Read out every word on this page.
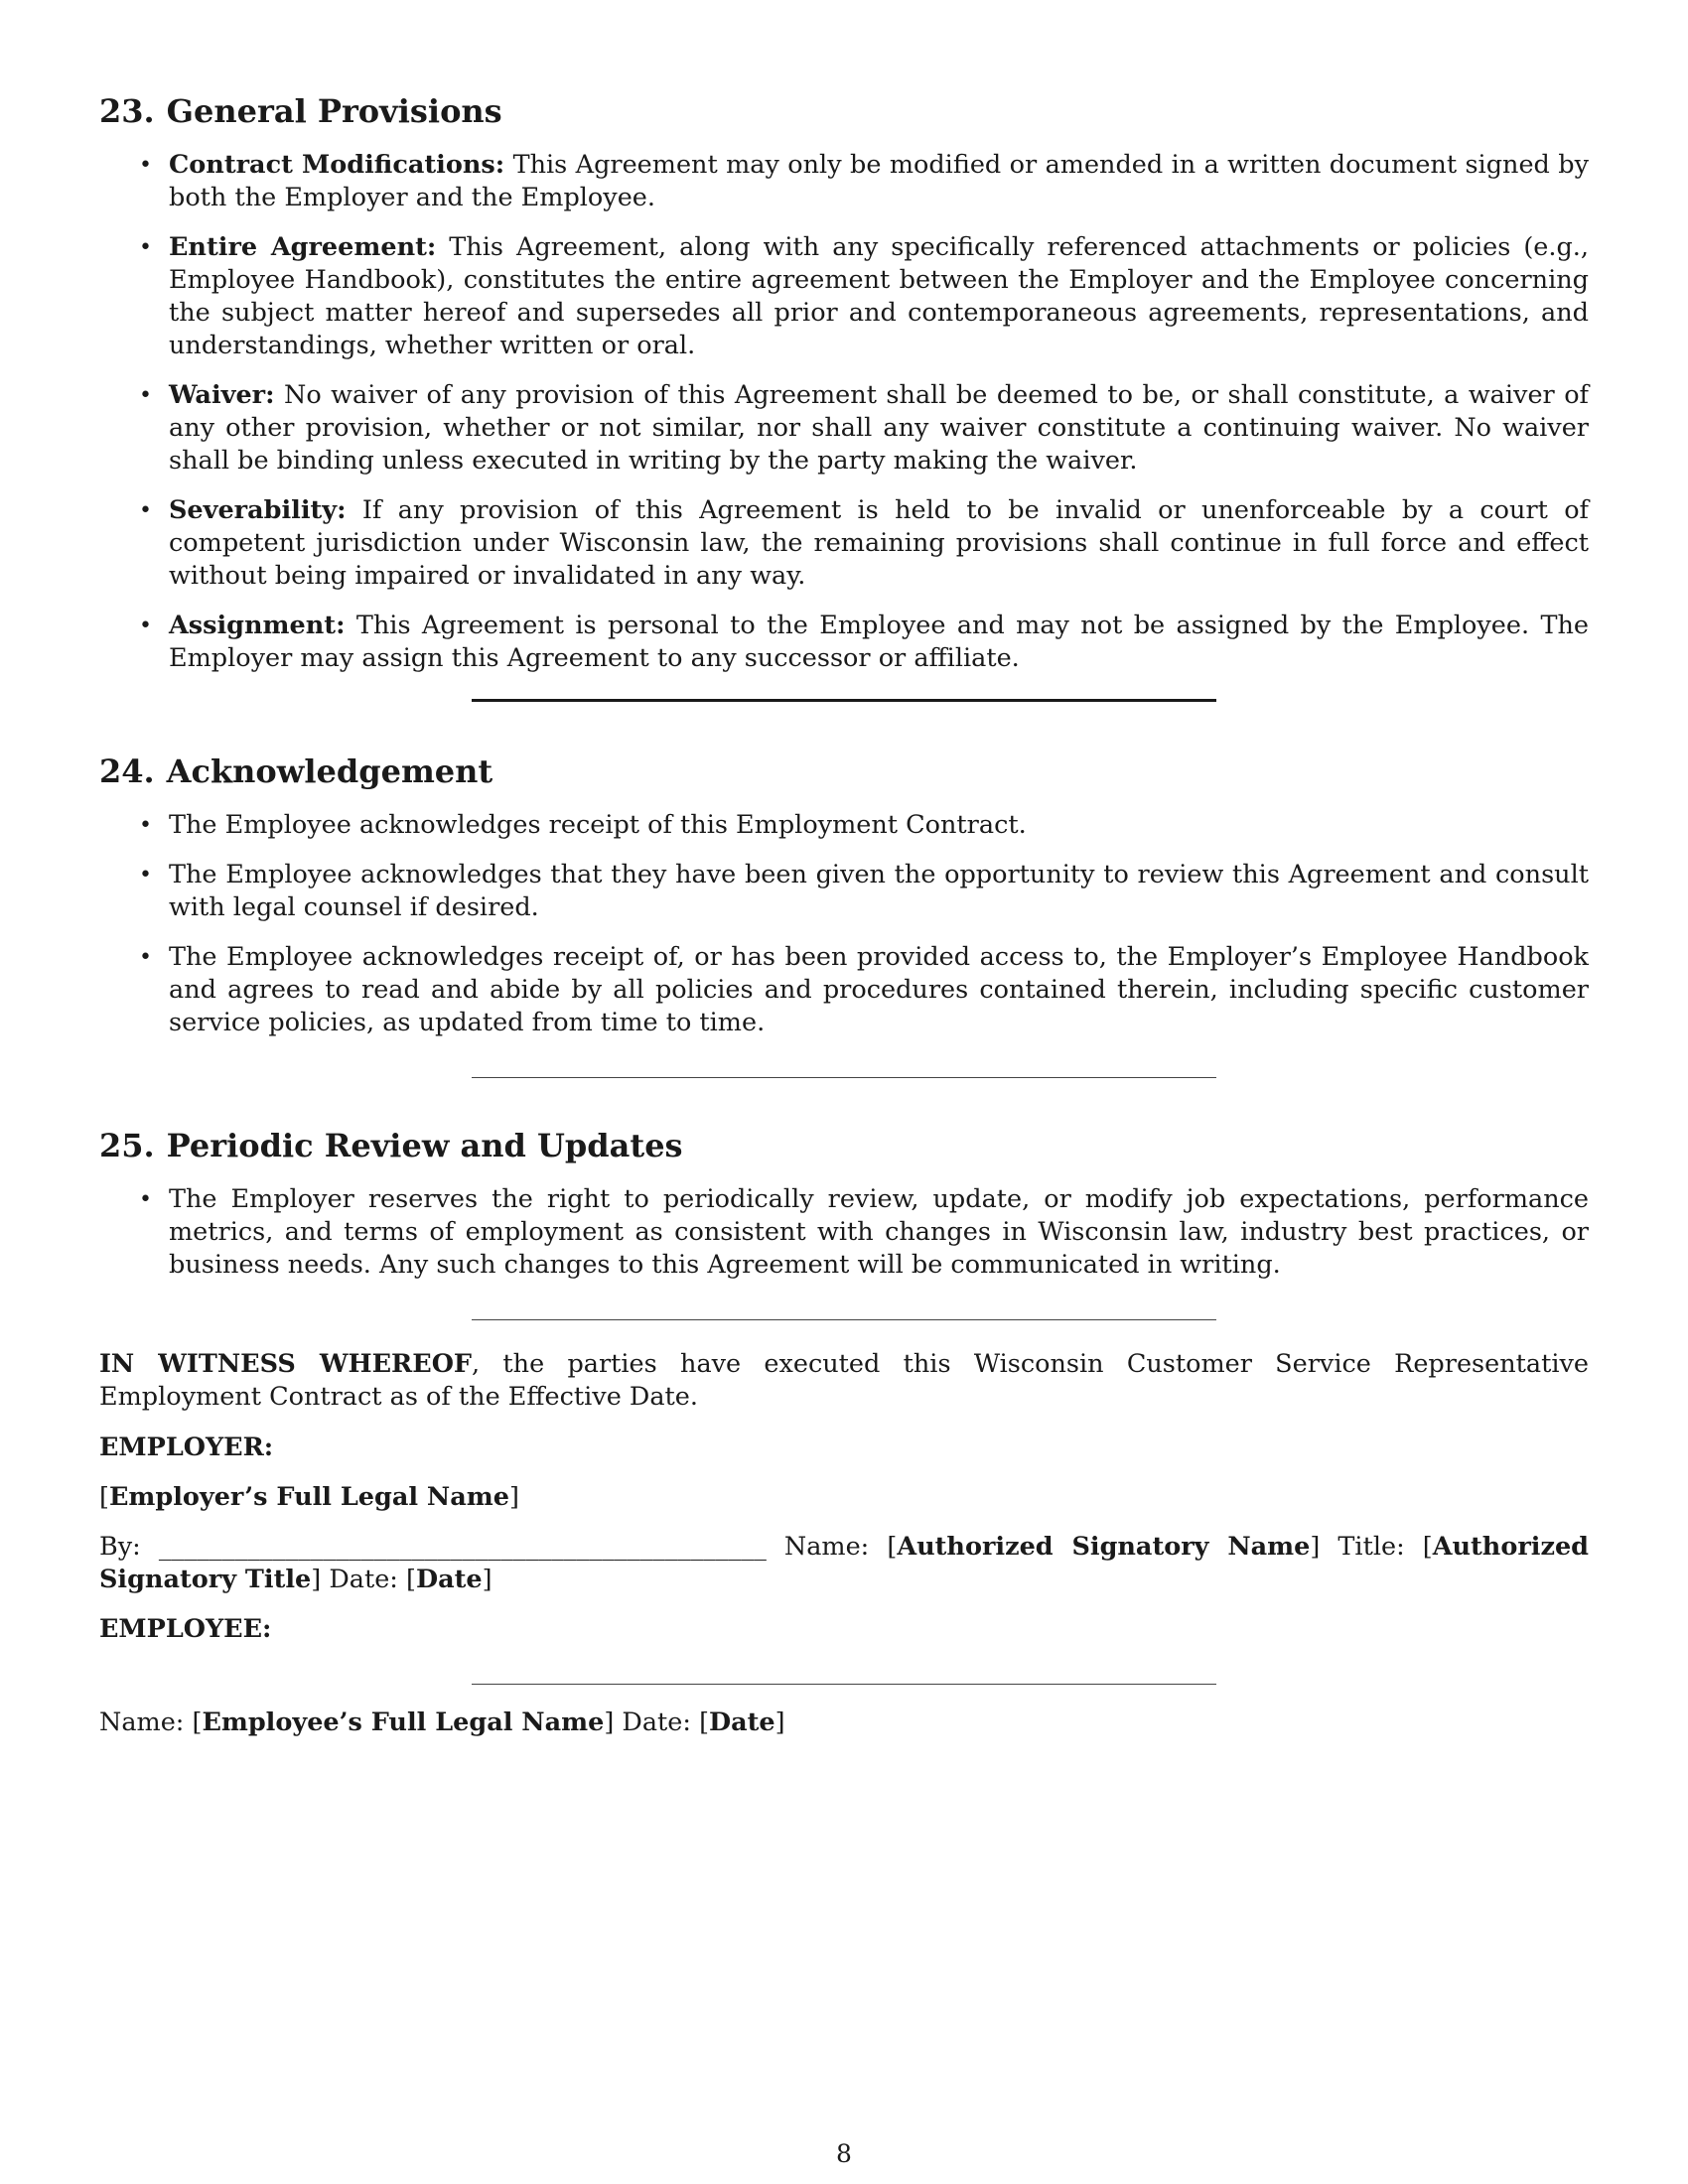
23. General Provisions
• Contract Modifications: This Agreement may only be modified or amended in a written document signed by both the Employer and the Employee.
• Entire Agreement: This Agreement, along with any specifically referenced attachments or policies (e.g., Employee Handbook), constitutes the entire agreement between the Employer and the Employee concerning the subject matter hereof and supersedes all prior and contemporaneous agreements, representations, and understandings, whether written or oral.
• Waiver: No waiver of any provision of this Agreement shall be deemed to be, or shall constitute, a waiver of any other provision, whether or not similar, nor shall any waiver constitute a continuing waiver. No waiver shall be binding unless executed in writing by the party making the waiver.
• Severability: If any provision of this Agreement is held to be invalid or unenforceable by a court of competent jurisdiction under Wisconsin law, the remaining provisions shall continue in full force and effect without being impaired or invalidated in any way.
• Assignment: This Agreement is personal to the Employee and may not be assigned by the Employee. The Employer may assign this Agreement to any successor or affiliate.
24. Acknowledgement
• The Employee acknowledges receipt of this Employment Contract.
• The Employee acknowledges that they have been given the opportunity to review this Agreement and consult with legal counsel if desired.
• The Employee acknowledges receipt of, or has been provided access to, the Employer’s Employee Handbook and agrees to read and abide by all policies and procedures contained therein, including specific customer service policies, as updated from time to time.
25. Periodic Review and Updates
• The Employer reserves the right to periodically review, update, or modify job expectations, performance metrics, and terms of employment as consistent with changes in Wisconsin law, industry best practices, or business needs. Any such changes to this Agreement will be communicated in writing.

IN WITNESS WHEREOF, the parties have executed this Wisconsin Customer Service Representative Employment Contract as of the Effective Date.

EMPLOYER:

[Employer’s Full Legal Name]

By: ________________________________________________ Name: [Authorized Signatory Name] Title: [Authorized Signatory Title] Date: [Date]

EMPLOYEE:

Name: [Employee’s Full Legal Name] Date: [Date]

8
